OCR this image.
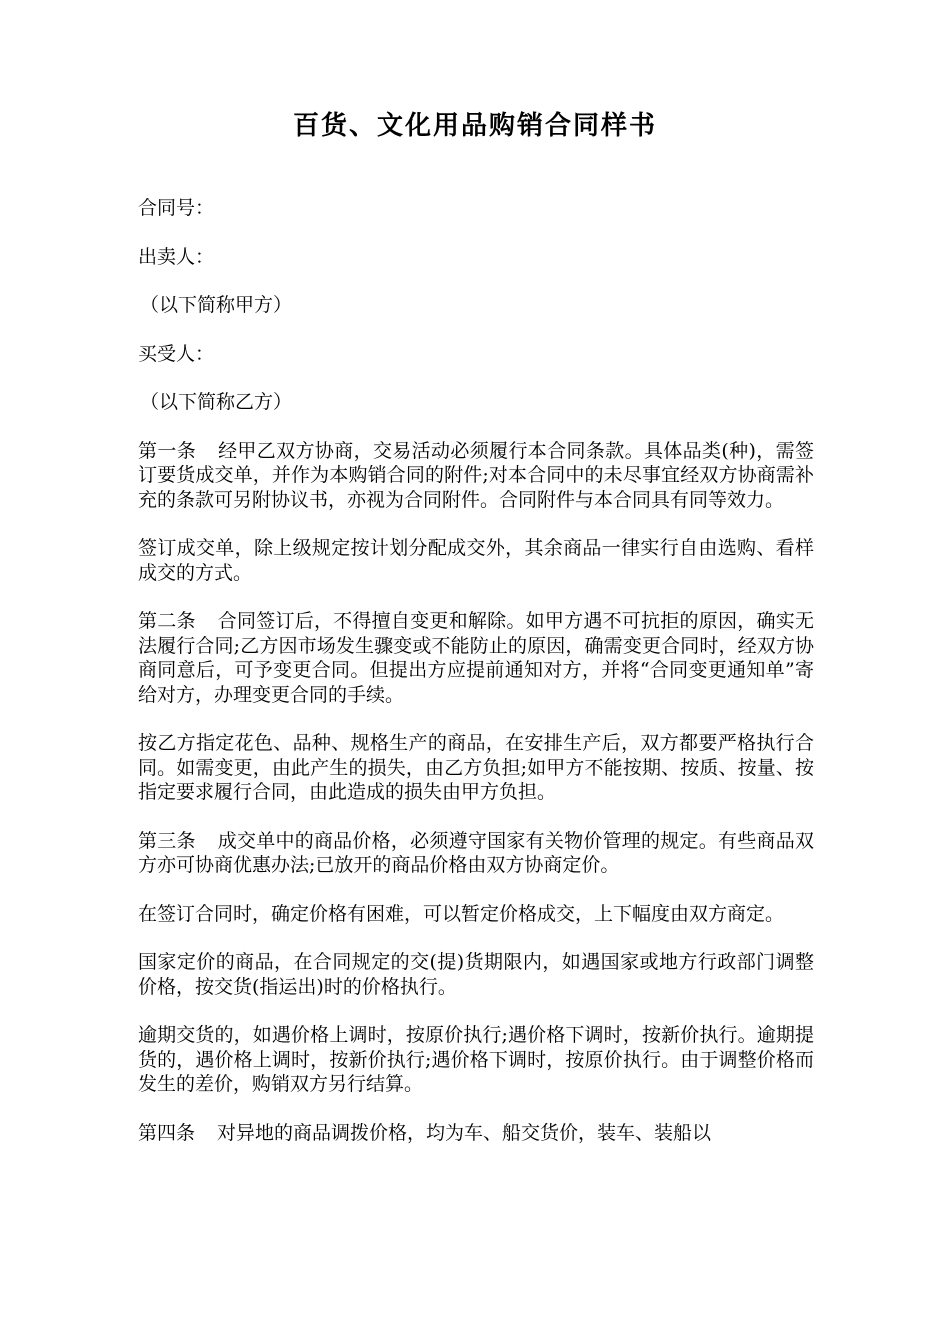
百货、文化用品购销合同样书
合同号：
出卖人：
（以下简称甲方）
买受人：
（以下简称乙方）

第一条 经甲乙双方协商，交易活动必须履行本合同条款。具体品类(种)，需签订要货成交单，并作为本购销合同的附件;对本合同中的未尽事宜经双方协商需补充的条款可另附协议书，亦视为合同附件。合同附件与本合同具有同等效力。

签订成交单，除上级规定按计划分配成交外，其余商品一律实行自由选购、看样成交的方式。

第二条 合同签订后，不得擅自变更和解除。如甲方遇不可抗拒的原因，确实无法履行合同;乙方因市场发生骤变或不能防止的原因，确需变更合同时，经双方协商同意后，可予变更合同。但提出方应提前通知对方，并将“合同变更通知单”寄给对方，办理变更合同的手续。

按乙方指定花色、品种、规格生产的商品，在安排生产后，双方都要严格执行合同。如需变更，由此产生的损失，由乙方负担;如甲方不能按期、按质、按量、按指定要求履行合同，由此造成的损失由甲方负担。

第三条 成交单中的商品价格，必须遵守国家有关物价管理的规定。有些商品双方亦可协商优惠办法;已放开的商品价格由双方协商定价。

在签订合同时，确定价格有困难，可以暂定价格成交，上下幅度由双方商定。

国家定价的商品，在合同规定的交(提)货期限内，如遇国家或地方行政部门调整价格，按交货(指运出)时的价格执行。

逾期交货的，如遇价格上调时，按原价执行;遇价格下调时，按新价执行。逾期提货的，遇价格上调时，按新价执行;遇价格下调时，按原价执行。由于调整价格而发生的差价，购销双方另行结算。

第四条 对异地的商品调拨价格，均为车、船交货价，装车、装船以
